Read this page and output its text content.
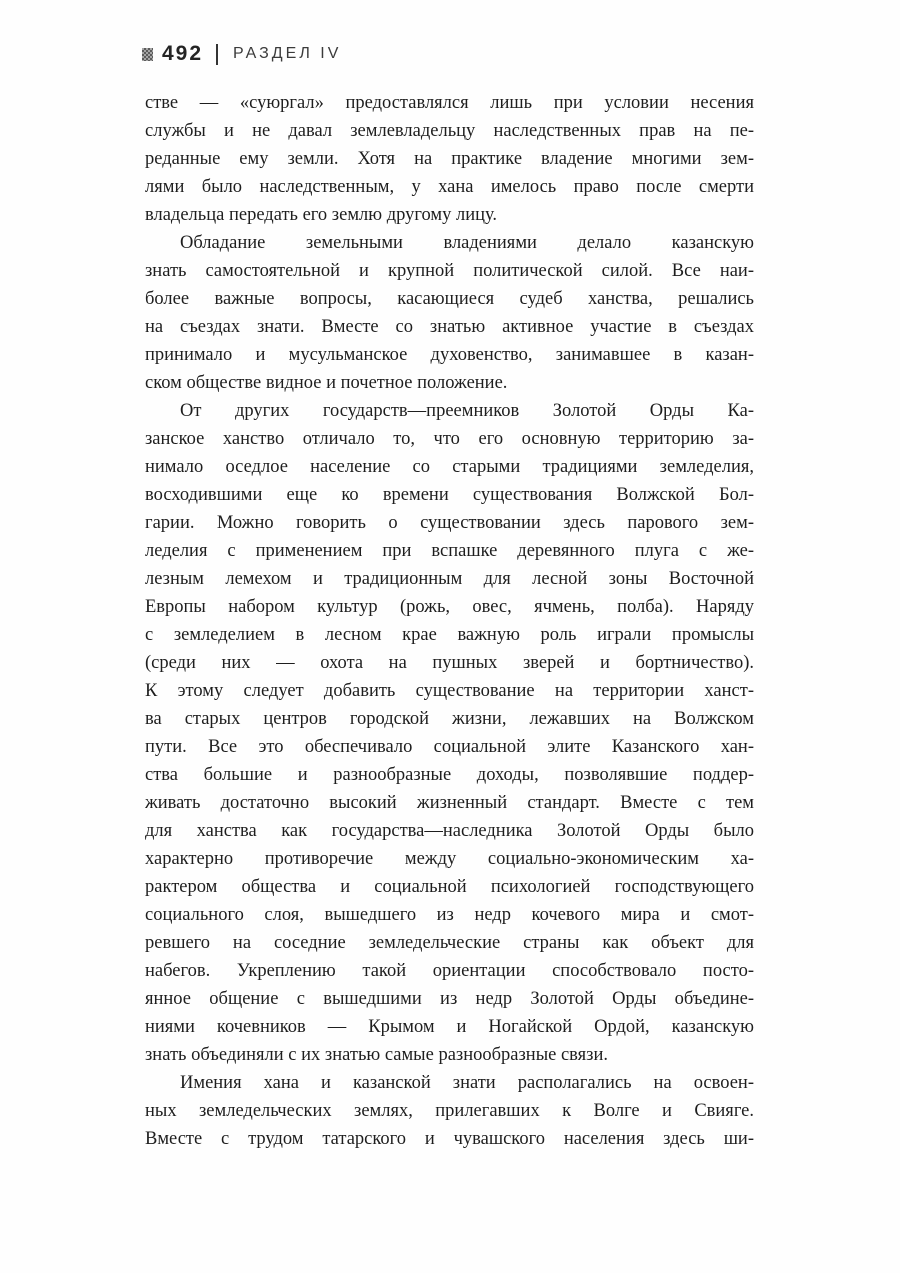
492 РАЗДЕЛ IV
стве — «суюргал» предоставлялся лишь при условии несения
службы и не давал землевладельцу наследственных прав на пе-
реданные ему земли. Хотя на практике владение многими зем-
лями было наследственным, у хана имелось право после смерти
владельца передать его землю другому лицу.
Обладание земельными владениями делало казанскую
знать самостоятельной и крупной политической силой. Все наи-
более важные вопросы, касающиеся судеб ханства, решались
на съездах знати. Вместе со знатью активное участие в съездах
принимало и мусульманское духовенство, занимавшее в казан-
ском обществе видное и почетное положение.
От других государств—преемников Золотой Орды Ка-
занское ханство отличало то, что его основную территорию за-
нимало оседлое население со старыми традициями земледелия,
восходившими еще ко времени существования Волжской Бол-
гарии. Можно говорить о существовании здесь парового зем-
леделия с применением при вспашке деревянного плуга с же-
лезным лемехом и традиционным для лесной зоны Восточной
Европы набором культур (рожь, овес, ячмень, полба). Наряду
с земледелием в лесном крае важную роль играли промыслы
(среди них — охота на пушных зверей и бортничество).
К этому следует добавить существование на территории ханст-
ва старых центров городской жизни, лежавших на Волжском
пути. Все это обеспечивало социальной элите Казанского хан-
ства большие и разнообразные доходы, позволявшие поддер-
живать достаточно высокий жизненный стандарт. Вместе с тем
для ханства как государства—наследника Золотой Орды было
характерно противоречие между социально-экономическим ха-
рактером общества и социальной психологией господствующего
социального слоя, вышедшего из недр кочевого мира и смот-
ревшего на соседние земледельческие страны как объект для
набегов. Укреплению такой ориентации способствовало посто-
янное общение с вышедшими из недр Золотой Орды объедине-
ниями кочевников — Крымом и Ногайской Ордой, казанскую
знать объединяли с их знатью самые разнообразные связи.
Имения хана и казанской знати располагались на освоен-
ных земледельческих землях, прилегавших к Волге и Свияге.
Вместе с трудом татарского и чувашского населения здесь ши-
